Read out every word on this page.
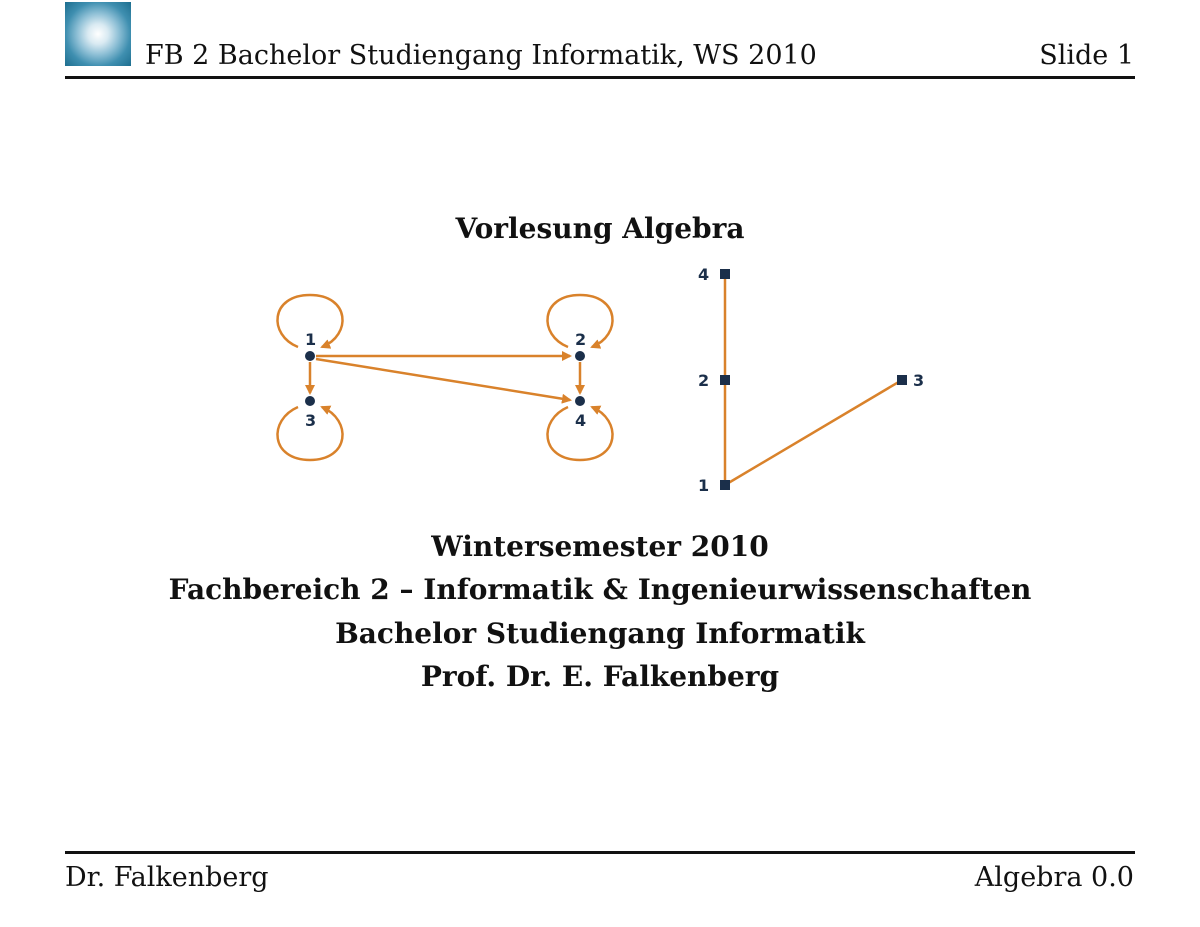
FB 2 Bachelor Studiengang Informatik, WS 2010	Slide 1
Vorlesung Algebra
1	2
3	4
1
2	3
4
Wintersemester 2010
Fachbereich 2 – Informatik & Ingenieurwissenschaften
Bachelor Studiengang Informatik
Prof. Dr. E. Falkenberg
Dr. Falkenberg	Algebra 0.0
